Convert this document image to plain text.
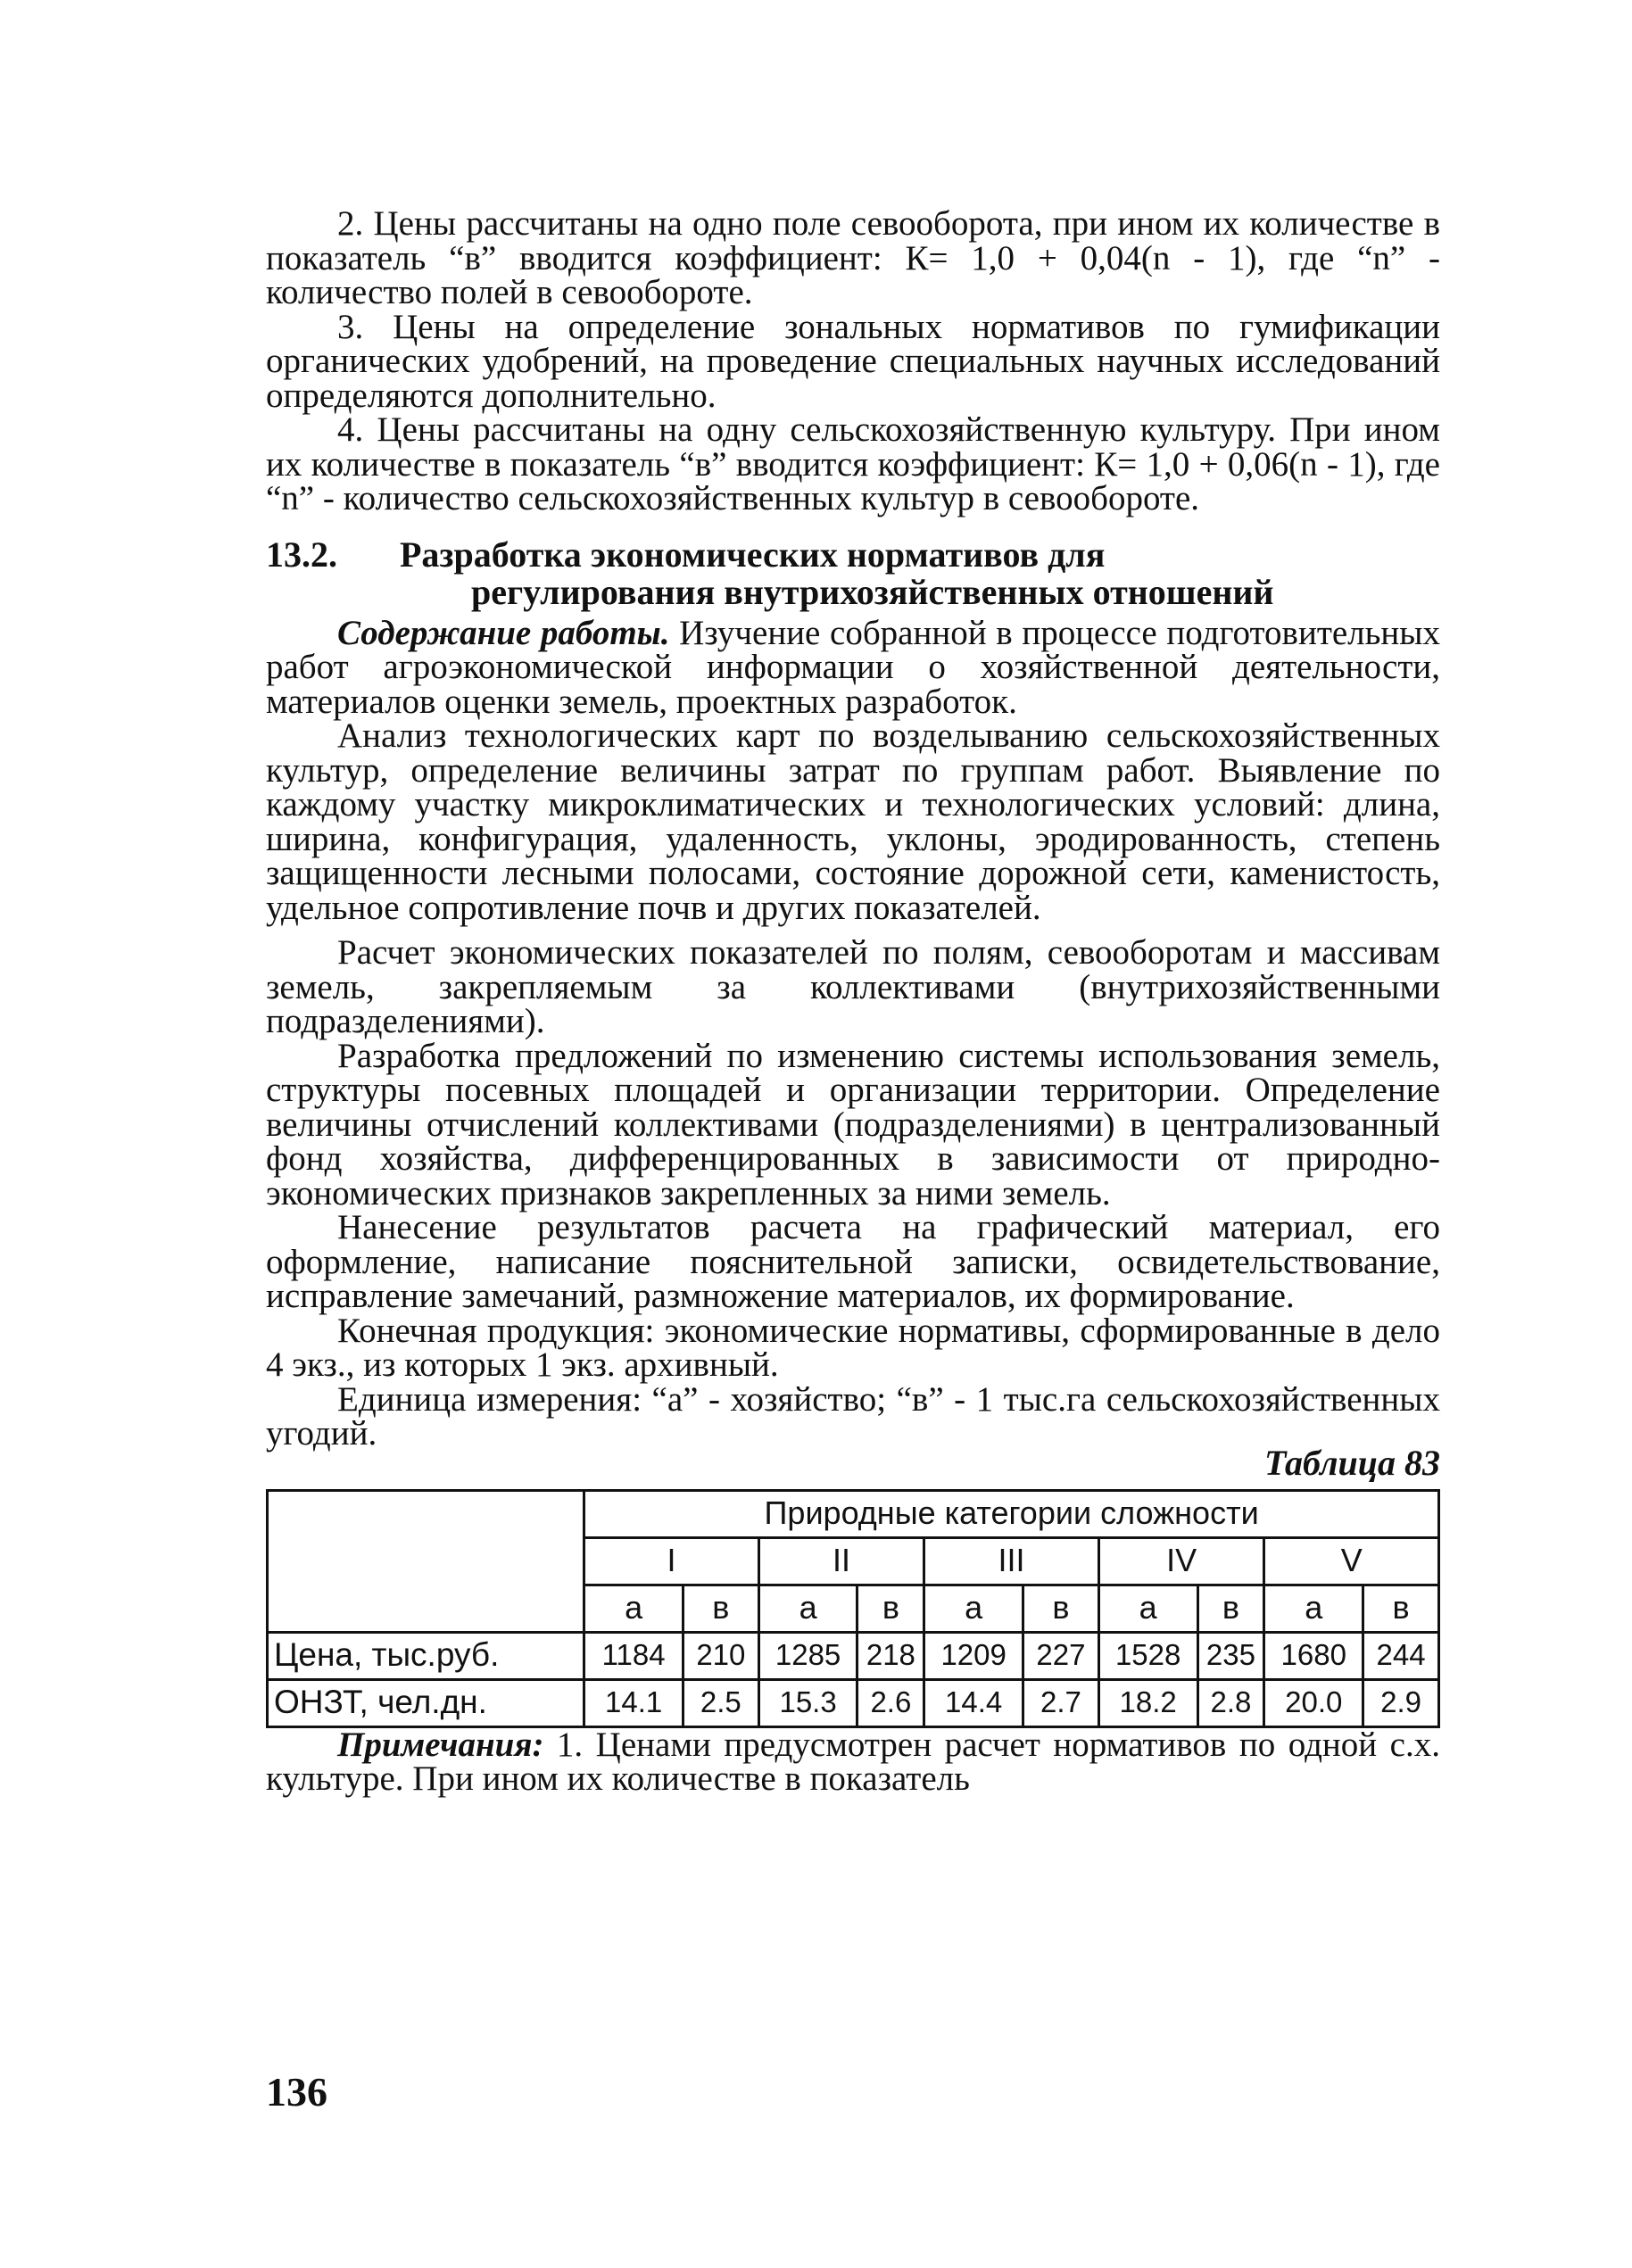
2. Цены рассчитаны на одно поле севооборота, при ином их количестве в показатель “в” вводится коэффициент: К= 1,0 + 0,04(n - 1), где “n” - количество полей в севообороте.

3. Цены на определение зональных нормативов по гумификации органических удобрений, на проведение специальных научных исследований определяются дополнительно.

4. Цены рассчитаны на одну сельскохозяйственную культуру. При ином их количестве в показатель “в” вводится коэффициент: К= 1,0 + 0,06(n - 1), где “n” - количество сельскохозяйственных культур в севообороте.

13.2. Разработка экономических нормативов для
регулирования внутрихозяйственных отношений

Содержание работы. Изучение собранной в процессе подготовительных работ агроэкономической информации о хозяйственной деятельности, материалов оценки земель, проектных разработок.

Анализ технологических карт по возделыванию сельскохозяйственных культур, определение величины затрат по группам работ. Выявление по каждому участку микроклиматических и технологических условий: длина, ширина, конфигурация, удаленность, уклоны, эродированность, степень защищенности лесными полосами, состояние дорожной сети, каменистость, удельное сопротивление почв и других показателей.

Расчет экономических показателей по полям, севооборотам и массивам земель, закрепляемым за коллективами (внутрихозяйственными подразделениями).

Разработка предложений по изменению системы использования земель, структуры посевных площадей и организации территории. Определение величины отчислений коллективами (подразделениями) в централизованный фонд хозяйства, дифференцированных в зависимости от природно-экономических признаков закрепленных за ними земель.

Нанесение результатов расчета на графический материал, его оформление, написание пояснительной записки, освидетельствование, исправление замечаний, размножение материалов, их формирование.

Конечная продукция: экономические нормативы, сформированные в дело 4 экз., из которых 1 экз. архивный.

Единица измерения: “а” - хозяйство; “в” - 1 тыс.га сельскохозяйственных угодий.

Таблица 83
	Природные категории сложности									
	I		II		III		IV		V	
	а	в	а	в	а	в	а	в	а	в
Цена, тыс.руб.	1184	210	1285	218	1209	227	1528	235	1680	244
ОНЗТ, чел.дн.	14.1	2.5	15.3	2.6	14.4	2.7	18.2	2.8	20.0	2.9

Примечания: 1. Ценами предусмотрен расчет нормативов по одной с.х. культуре. При ином их количестве в показатель

136
